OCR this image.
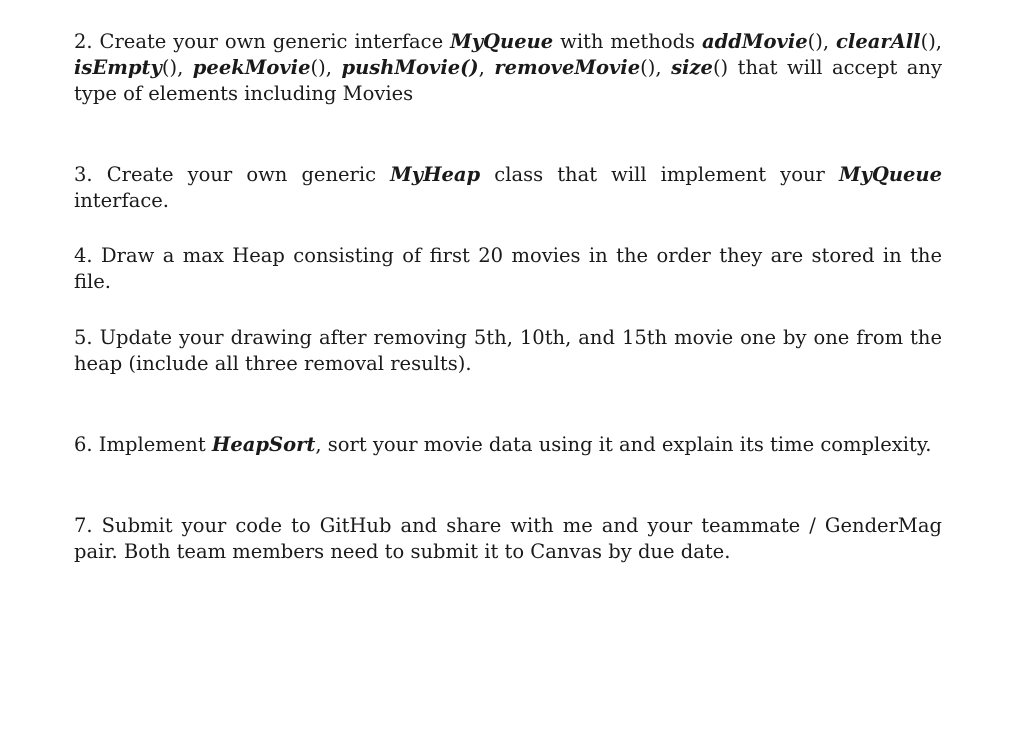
2. Create your own generic interface MyQueue with methods addMovie(), clearAll(), isEmpty(), peekMovie(), pushMovie(), removeMovie(), size() that will accept any type of elements including Movies

3. Create your own generic MyHeap class that will implement your MyQueue interface.

4. Draw a max Heap consisting of first 20 movies in the order they are stored in the file.

5. Update your drawing after removing 5th, 10th, and 15th movie one by one from the heap (include all three removal results).

6. Implement HeapSort, sort your movie data using it and explain its time complexity.

7. Submit your code to GitHub and share with me and your teammate / GenderMag pair. Both team members need to submit it to Canvas by due date.
